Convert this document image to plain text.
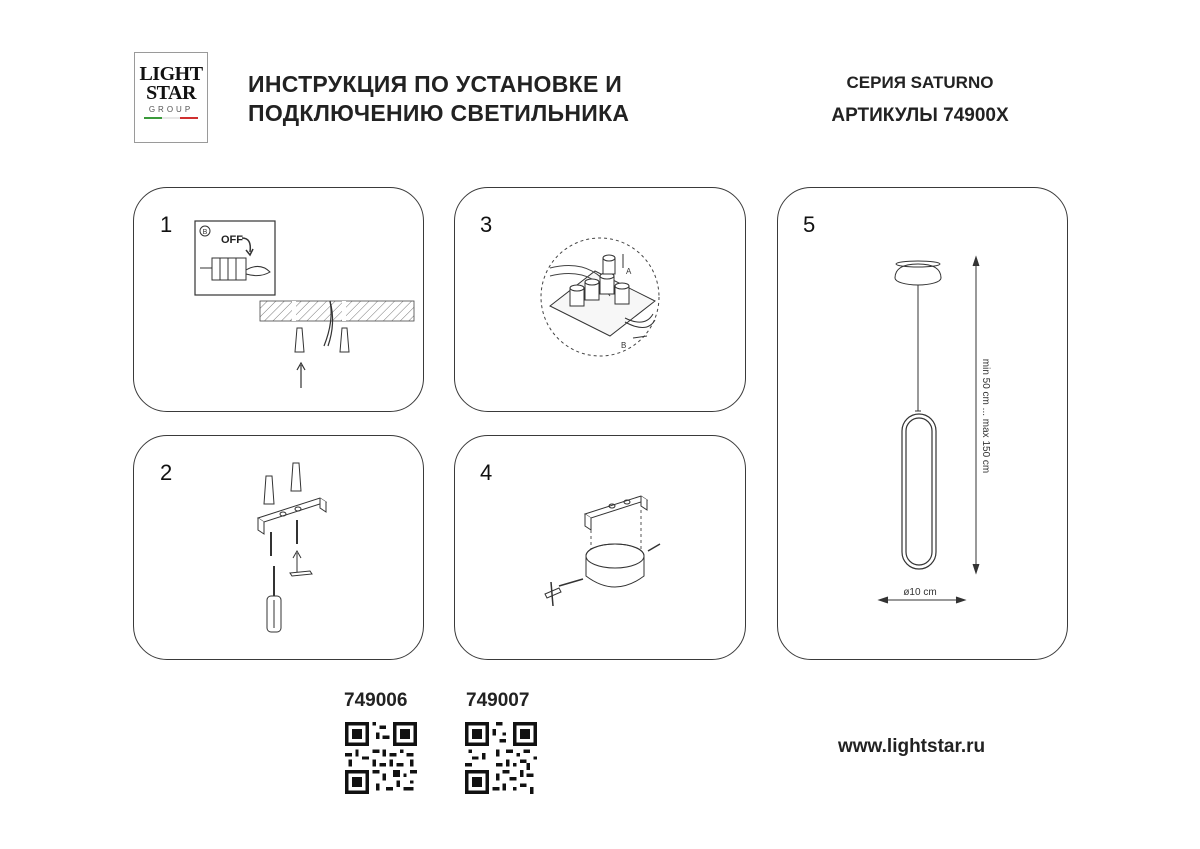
LIGHT
STAR
GROUP
ИНСТРУКЦИЯ ПО УСТАНОВКЕ И
ПОДКЛЮЧЕНИЮ СВЕТИЛЬНИКА
СЕРИЯ SATURNO
АРТИКУЛЫ 74900X
1	B
OFF
3
A
B
5
min 50 cm ... max 150 cm
ø10 cm
2	4
749006	749007
www.lightstar.ru
